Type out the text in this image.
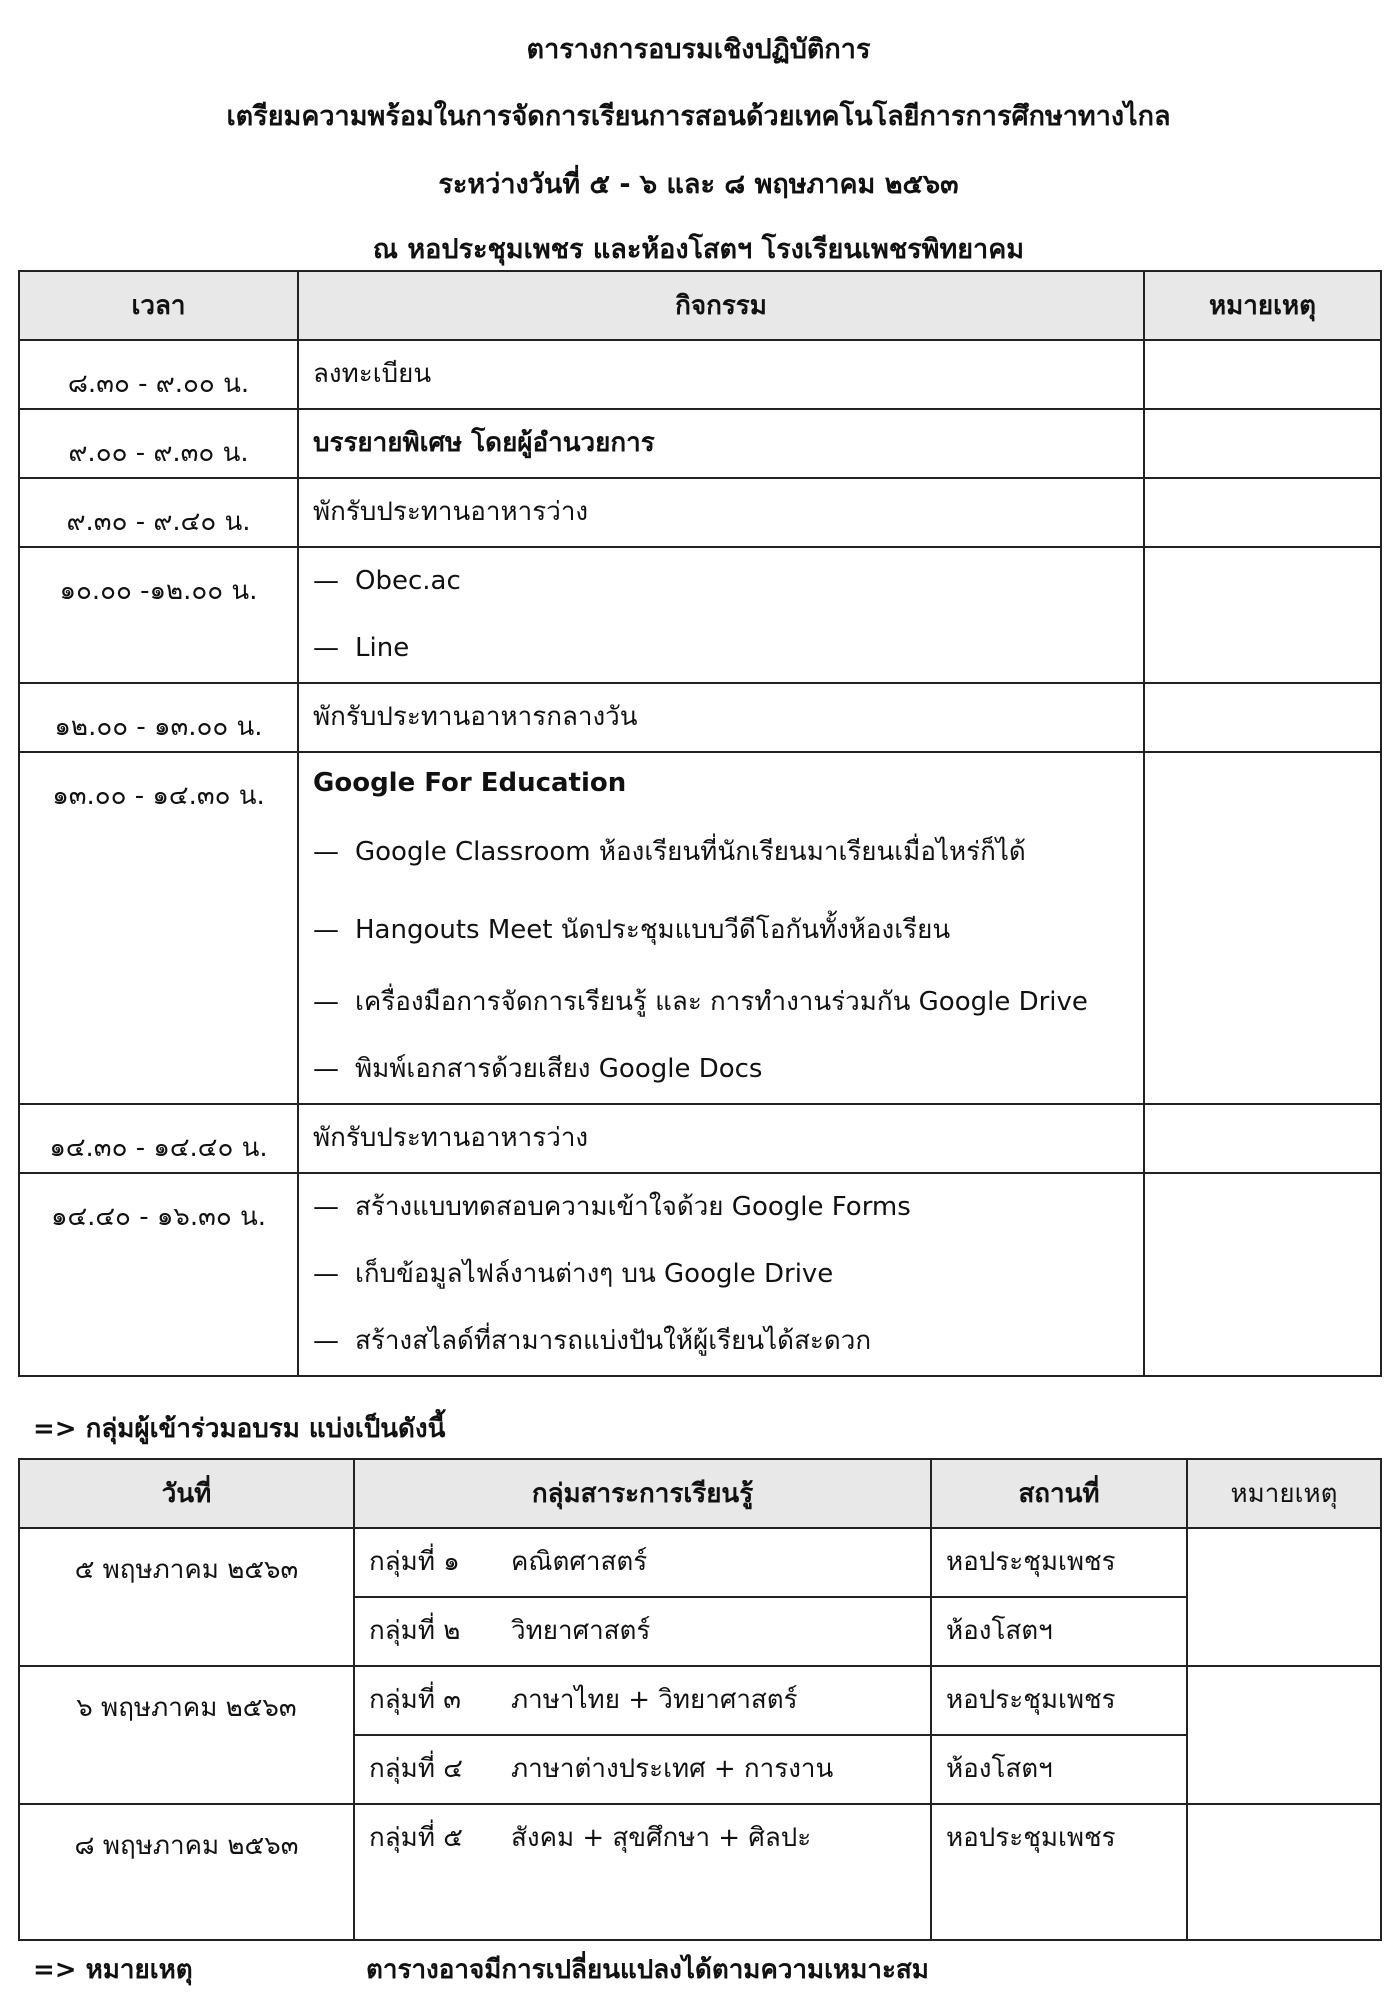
ตารางการอบรมเชิงปฏิบัติการ
เตรียมความพร้อมในการจัดการเรียนการสอนด้วยเทคโนโลยีการการศึกษาทางไกล
ระหว่างวันที่ ๕ - ๖ และ ๘ พฤษภาคม ๒๕๖๓
ณ หอประชุมเพชร และห้องโสตฯ โรงเรียนเพชรพิทยาคม
เวลา	กิจกรรม	หมายเหตุ
๘.๓๐ - ๙.๐๐ น.	ลงทะเบียน	

๙.๐๐ - ๙.๓๐ น.	บรรยายพิเศษ โดยผู้อำนวยการ	

๙.๓๐ - ๙.๔๐ น.	พักรับประทานอาหารว่าง	

๑๐.๐๐ -๑๒.๐๐ น.	— Obec.ac
— Line	

๑๒.๐๐ - ๑๓.๐๐ น.	พักรับประทานอาหารกลางวัน	

๑๓.๐๐ - ๑๔.๓๐ น.	Google For Education
— Google Classroom ห้องเรียนที่นักเรียนมาเรียนเมื่อไหร่ก็ได้
— Hangouts Meet นัดประชุมแบบวีดีโอกันทั้งห้องเรียน
— เครื่องมือการจัดการเรียนรู้ และ การทำงานร่วมกัน Google Drive
— พิมพ์เอกสารด้วยเสียง Google Docs	

๑๔.๓๐ - ๑๔.๔๐ น.	พักรับประทานอาหารว่าง	

๑๔.๔๐ - ๑๖.๓๐ น.	— สร้างแบบทดสอบความเข้าใจด้วย Google Forms
— เก็บข้อมูลไฟล์งานต่างๆ บน Google Drive
— สร้างสไลด์ที่สามารถแบ่งปันให้ผู้เรียนได้สะดวก	

=> กลุ่มผู้เข้าร่วมอบรม แบ่งเป็นดังนี้
วันที่	กลุ่มสาระการเรียนรู้	สถานที่	หมายเหตุ
๕ พฤษภาคม ๒๕๖๓	กลุ่มที่ ๑ คณิตศาสตร์	หอประชุมเพชร	
	กลุ่มที่ ๒ วิทยาศาสตร์	ห้องโสตฯ	
๖ พฤษภาคม ๒๕๖๓	กลุ่มที่ ๓ ภาษาไทย + วิทยาศาสตร์	หอประชุมเพชร	
	กลุ่มที่ ๔ ภาษาต่างประเทศ + การงาน	ห้องโสตฯ	
๘ พฤษภาคม ๒๕๖๓	กลุ่มที่ ๕ สังคม + สุขศึกษา + ศิลปะ	หอประชุมเพชร	
=> หมายเหตุ	ตารางอาจมีการเปลี่ยนแปลงได้ตามความเหมาะสม
